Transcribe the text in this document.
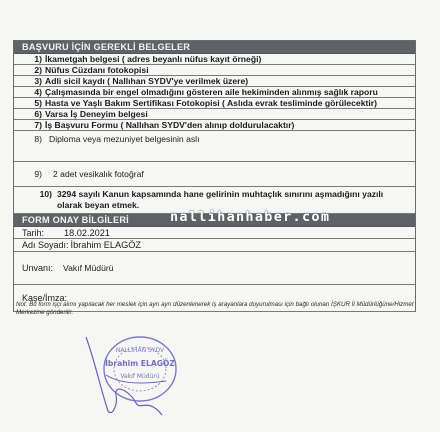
BAŞVURU İÇİN GEREKLİ BELGELER
1) İkametgah belgesi ( adres beyanlı nüfus kayıt örneği)
2) Nüfus Cüzdanı fotokopisi
3) Adli sicil kaydı ( Nallıhan SYDV'ye verilmek üzere)
4) Çalışmasında bir engel olmadığını gösteren aile hekiminden alınmış sağlık raporu
5) Hasta ve Yaşlı Bakım Sertifikası Fotokopisi ( Aslıda evrak tesliminde görülecektir)
6) Varsa İş Deneyim belgesi
7) İş Başvuru Formu ( Nallıhan SYDV'den alınıp doldurulacaktır)
8) Diploma veya mezuniyet belgesinin aslı
9)	2 adet vesikalık fotoğraf
10) 3294 sayılı Kanun kapsamında hane gelirinin muhtaçlık sınırını aşmadığını yazılı olarak beyan etmek.
FORM ONAY BİLGİLERİ
Tarih: 18.02.2021
Adı Soyadı: İbrahim ELAGÖZ
Unvanı: Vakıf Müdürü
Kaşe/İmza:
nallihanhaber.com
Not: Bu form işçi alımı yapılacak her meslek için ayrı ayrı düzenlenerek iş arayanlara duyurulması için bağlı olunan İŞKUR İl Müdürlüğüne/Hizmet Merkezine gönderilir.
NALLIHAN SYDV
İbrahim ELAGÖZ
Vakıf Müdürü
